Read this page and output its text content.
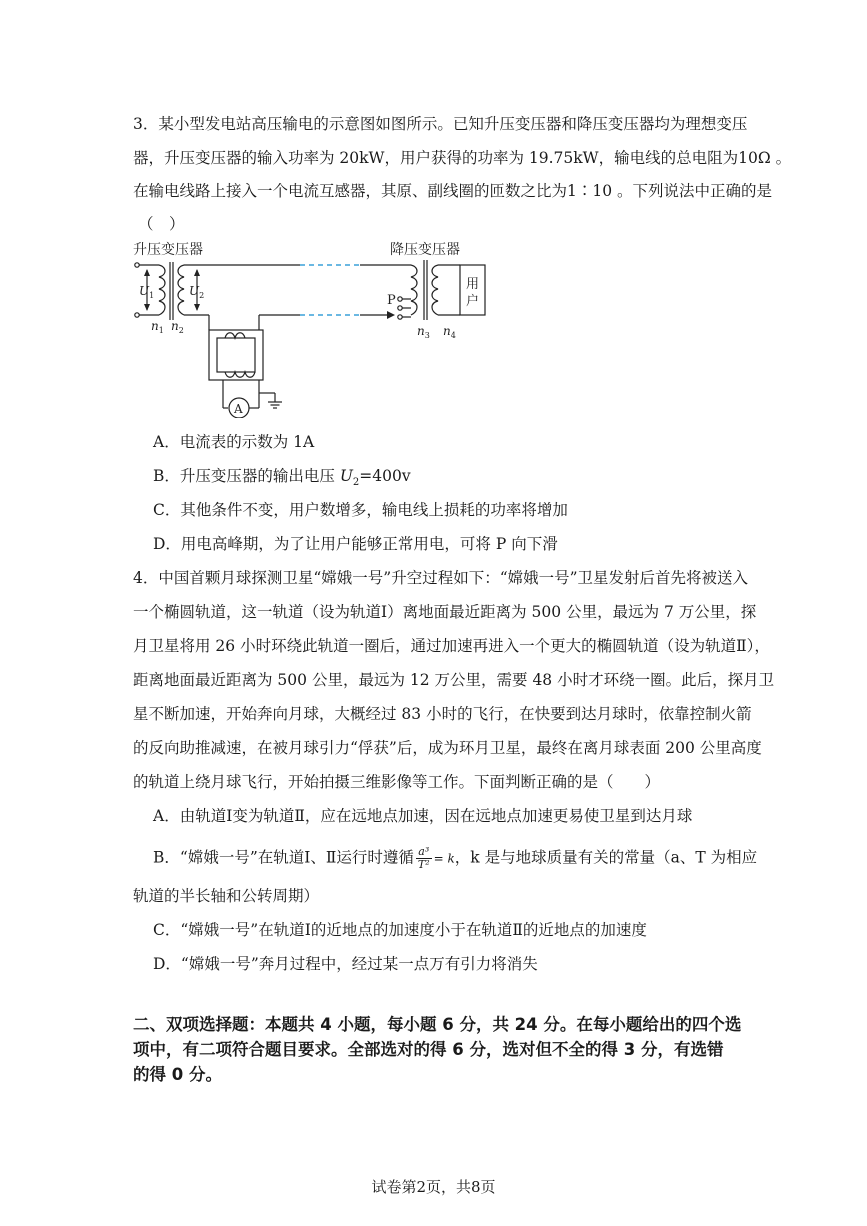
3．某小型发电站高压输电的示意图如图所示。已知升压变压器和降压变压器均为理想变压
器，升压变压器的输入功率为 20kW，用户获得的功率为 19.75kW，输电线的总电阻为10Ω 。
在输电线路上接入一个电流互感器，其原、副线圈的匝数之比为1∶10 。下列说法中正确的是
（　）
升压变压器	降压变压器
$U_1$	$U_2$
$n_1$ $n_2$	$n_3$ $n_4$
P
用
户
A
A．电流表的示数为 1A
B．升压变压器的输出电压 $U_2=400v$
C．其他条件不变，用户数增多，输电线上损耗的功率将增加
D．用电高峰期，为了让用户能够正常用电，可将 P 向下滑
4．中国首颗月球探测卫星“嫦娥一号”升空过程如下：“嫦娥一号”卫星发射后首先将被送入
一个椭圆轨道，这一轨道（设为轨道Ⅰ）离地面最近距离为 500 公里，最远为 7 万公里，探
月卫星将用 26 小时环绕此轨道一圈后，通过加速再进入一个更大的椭圆轨道（设为轨道Ⅱ），
距离地面最近距离为 500 公里，最远为 12 万公里，需要 48 小时才环绕一圈。此后，探月卫
星不断加速，开始奔向月球，大概经过 83 小时的飞行，在快要到达月球时，依靠控制火箭
的反向助推减速，在被月球引力“俘获”后，成为环月卫星，最终在离月球表面 200 公里高度
的轨道上绕月球飞行，开始拍摄三维影像等工作。下面判断正确的是（　　）
A．由轨道Ⅰ变为轨道Ⅱ，应在远地点加速，因在远地点加速更易使卫星到达月球
B．“嫦娥一号”在轨道Ⅰ、Ⅱ运行时遵循 $\frac{\text{a³}}{\text{T²}} = k$，k 是与地球质量有关的常量（a、T 为相应
轨道的半长轴和公转周期）
C．“嫦娥一号”在轨道Ⅰ的近地点的加速度小于在轨道Ⅱ的近地点的加速度
D．“嫦娥一号”奔月过程中，经过某一点万有引力将消失
二、双项选择题：本题共 4 小题，每小题 6 分，共 24 分。在每小题给出的四个选
项中，有二项符合题目要求。全部选对的得 6 分，选对但不全的得 3 分，有选错
的得 0 分。
试卷第2页，共8页
